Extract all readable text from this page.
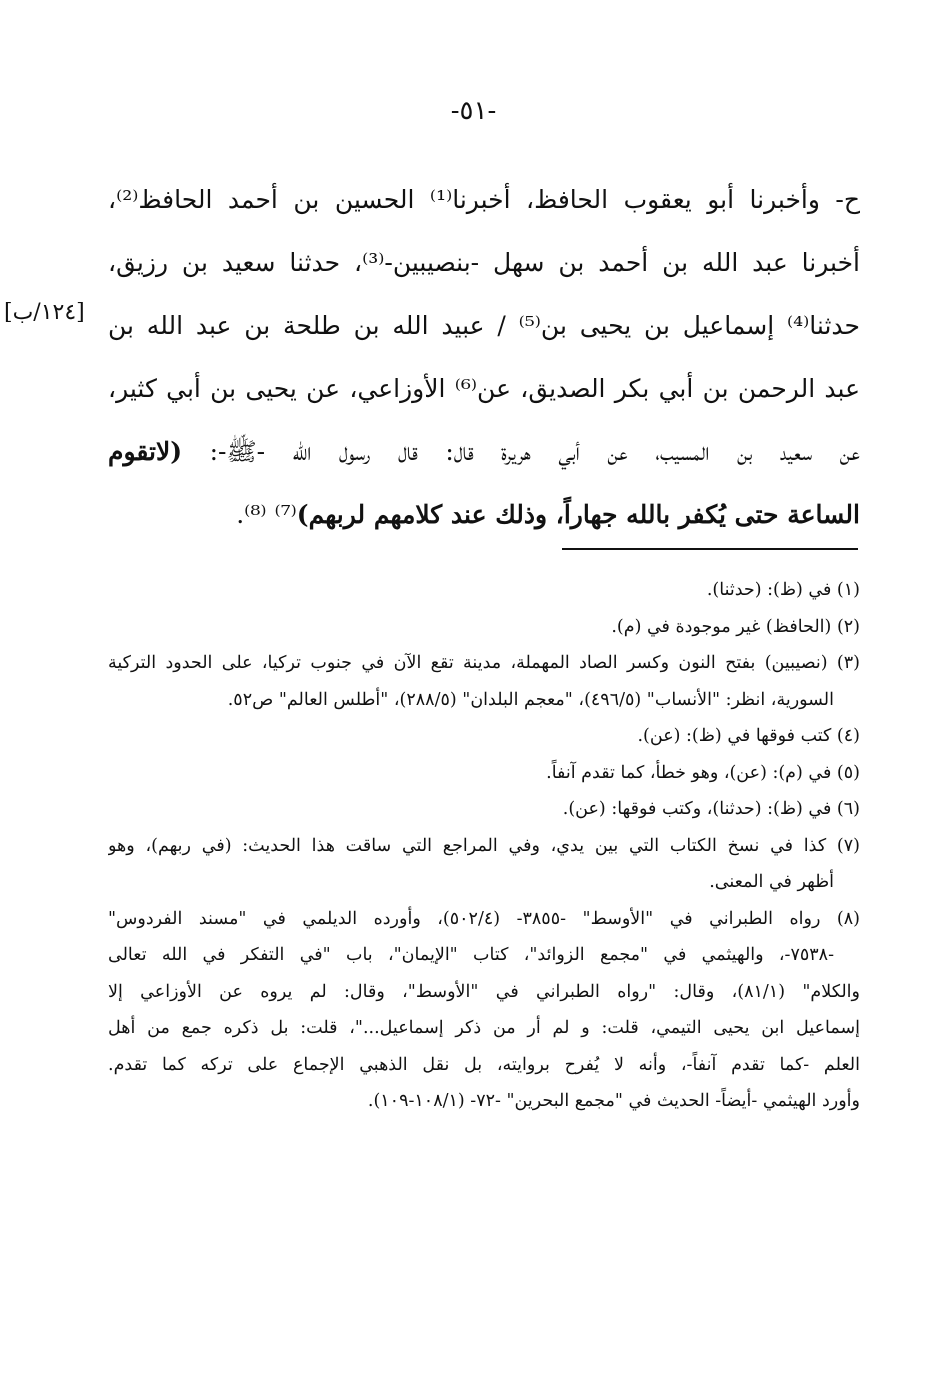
-٥١-
[١٢٤/ب]
ح- وأخبرنا أبو يعقوب الحافظ، أخبرنا⁽¹⁾ الحسين بن أحمد الحافظ⁽²⁾،
أخبرنا عبد الله بن أحمد بن سهل -بنصيبين-⁽³⁾، حدثنا سعيد بن رزيق،
حدثنا⁽⁴⁾ إسماعيل بن يحيى بن⁽⁵⁾ / عبيد الله بن طلحة بن عبد الله بن
عبد الرحمن بن أبي بكر الصديق، عن⁽⁶⁾ الأوزاعي، عن يحيى بن أبي كثير،
عن سعيد بن المسيب، عن أبي هريرة قال: قال رسول الله -ﷺ-: (لاتقوم
الساعة حتى يُكفر بالله جهاراً، وذلك عند كلامهم لربهم)⁽⁷⁾ ⁽⁸⁾.
(١) في (ظ): (حدثنا).
(٢) (الحافظ) غير موجودة في (م).
(٣) (نصيبين) بفتح النون وكسر الصاد المهملة، مدينة تقع الآن في جنوب تركيا، على الحدود التركية
السورية، انظر: "الأنساب" (٤٩٦/٥)، "معجم البلدان" (٢٨٨/٥)، "أطلس العالم" ص٥٢.
(٤) كتب فوقها في (ظ): (عن).
(٥) في (م): (عن)، وهو خطأ، كما تقدم آنفاً.
(٦) في (ظ): (حدثنا)، وكتب فوقها: (عن).
(٧) كذا في نسخ الكتاب التي بين يدي، وفي المراجع التي ساقت هذا الحديث: (في ربهم)، وهو
أظهر في المعنى.
(٨) رواه الطبراني في "الأوسط" -٣٨٥٥- (٥٠٢/٤)، وأورده الديلمي في "مسند الفردوس"
-٧٥٣٨-، والهيثمي في "مجمع الزوائد"، كتاب "الإيمان"، باب "في التفكر في الله تعالى
والكلام" (٨١/١)، وقال: "رواه الطبراني في "الأوسط"، وقال: لم يروه عن الأوزاعي إلا
إسماعيل ابن يحيى التيمي، قلت: و لم أر من ذكر إسماعيل..."، قلت: بل ذكره جمع من أهل
العلم -كما تقدم آنفاً-، وأنه لا يُفرح بروايته، بل نقل الذهبي الإجماع على تركه كما تقدم.
وأورد الهيثمي -أيضاً- الحديث في "مجمع البحرين" -٧٢- (١٠٨/١-١٠٩).
